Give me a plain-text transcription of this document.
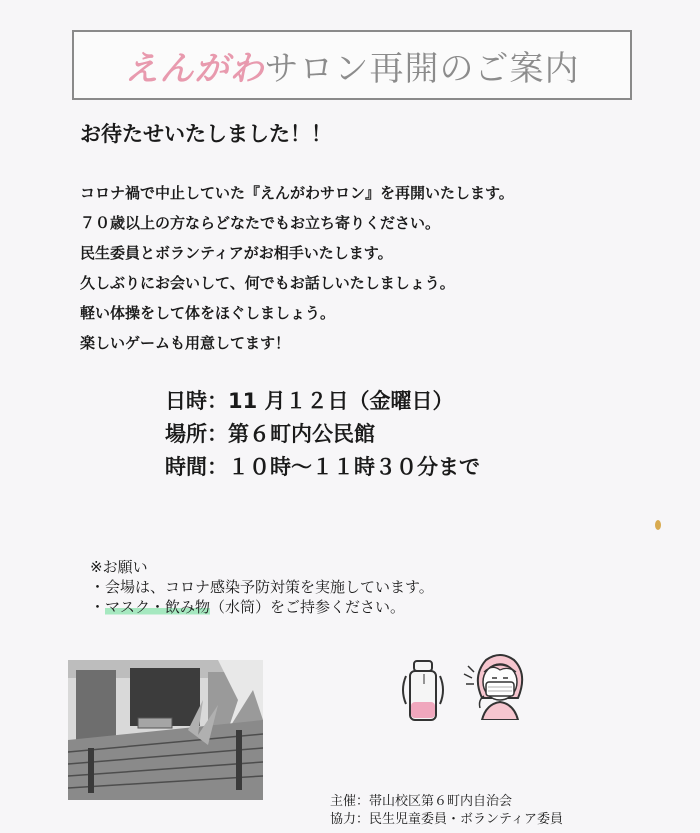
えんがわサロン再開のご案内
お待たせいたしました！！
コロナ禍で中止していた『えんがわサロン』を再開いたします。
７０歳以上の方ならどなたでもお立ち寄りください。
民生委員とボランティアがお相手いたします。
久しぶりにお会いして、何でもお話しいたしましょう。
軽い体操をして体をほぐしましょう。
楽しいゲームも用意してます！
日時：11 月１２日（金曜日）
場所：第６町内公民館
時間：１０時〜１１時３０分まで
※お願い
・会場は、コロナ感染予防対策を実施しています。
・マスク・飲み物（水筒）をご持参ください。
主催：帯山校区第６町内自治会
協力：民生児童委員・ボランティア委員
